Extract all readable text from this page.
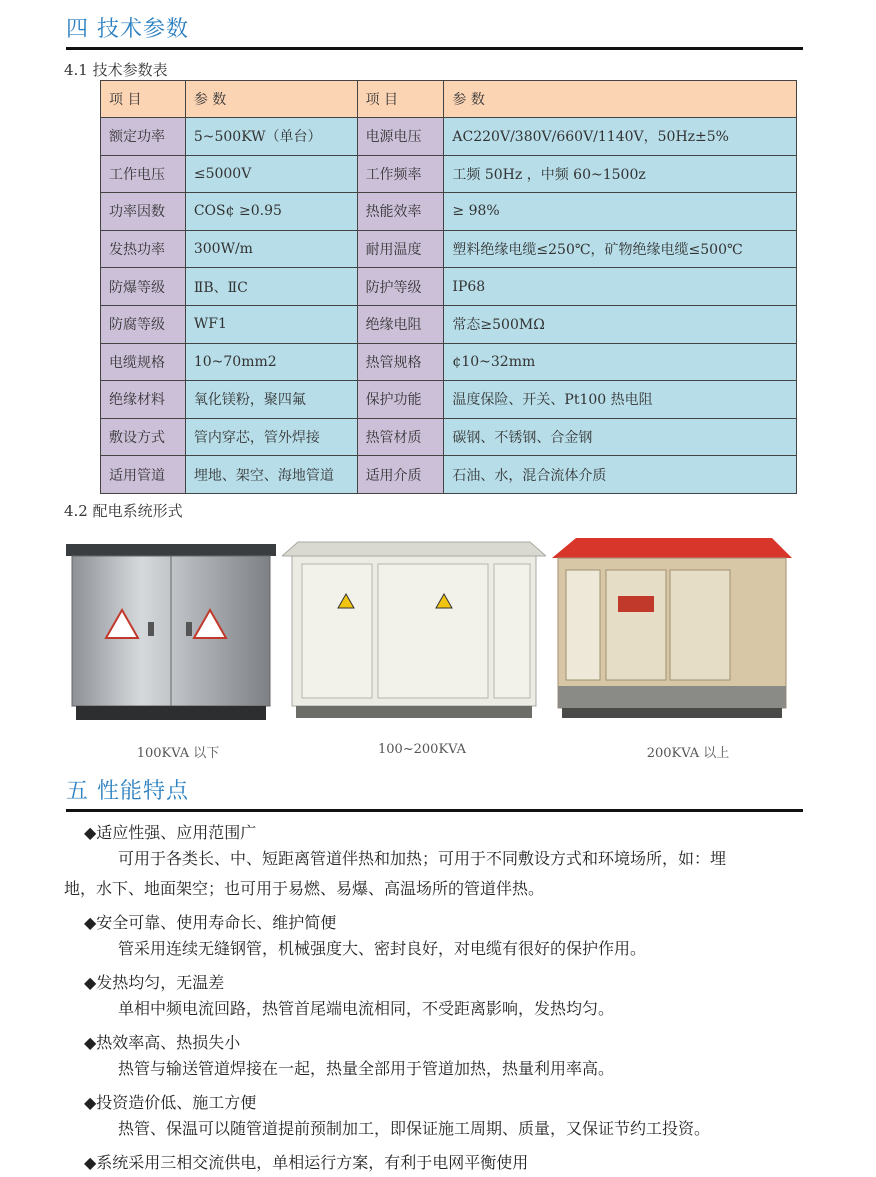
四 技术参数
4.1 技术参数表
项 目	参 数	项 目	参 数
额定功率	5~500KW（单台）	电源电压	AC220V/380V/660V/1140V，50Hz±5%
工作电压	≤5000V	工作频率	工频 50Hz ，中频 60~1500z
功率因数	COS¢ ≥0.95	热能效率	≥ 98%
发热功率	300W/m	耐用温度	塑料绝缘电缆≤250℃，矿物绝缘电缆≤500℃
防爆等级	ⅡB、ⅡC	防护等级	IP68
防腐等级	WF1	绝缘电阻	常态≥500MΩ
电缆规格	10~70mm2	热管规格	¢10~32mm
绝缘材料	氧化镁粉，聚四氟	保护功能	温度保险、开关、Pt100 热电阻
敷设方式	管内穿芯，管外焊接	热管材质	碳钢、不锈钢、合金钢
适用管道	埋地、架空、海地管道	适用介质	石油、水，混合流体介质
4.2 配电系统形式
100KVA 以下	100~200KVA	200KVA 以上
五 性能特点
◆适应性强、应用范围广
可用于各类长、中、短距离管道伴热和加热；可用于不同敷设方式和环境场所，如：埋
地，水下、地面架空；也可用于易燃、易爆、高温场所的管道伴热。
◆安全可靠、使用寿命长、维护简便
管采用连续无缝钢管，机械强度大、密封良好，对电缆有很好的保护作用。
◆发热均匀，无温差
单相中频电流回路，热管首尾端电流相同，不受距离影响，发热均匀。
◆热效率高、热损失小
热管与输送管道焊接在一起，热量全部用于管道加热，热量利用率高。
◆投资造价低、施工方便
热管、保温可以随管道提前预制加工，即保证施工周期、质量，又保证节约工投资。
◆系统采用三相交流供电，单相运行方案，有利于电网平衡使用
